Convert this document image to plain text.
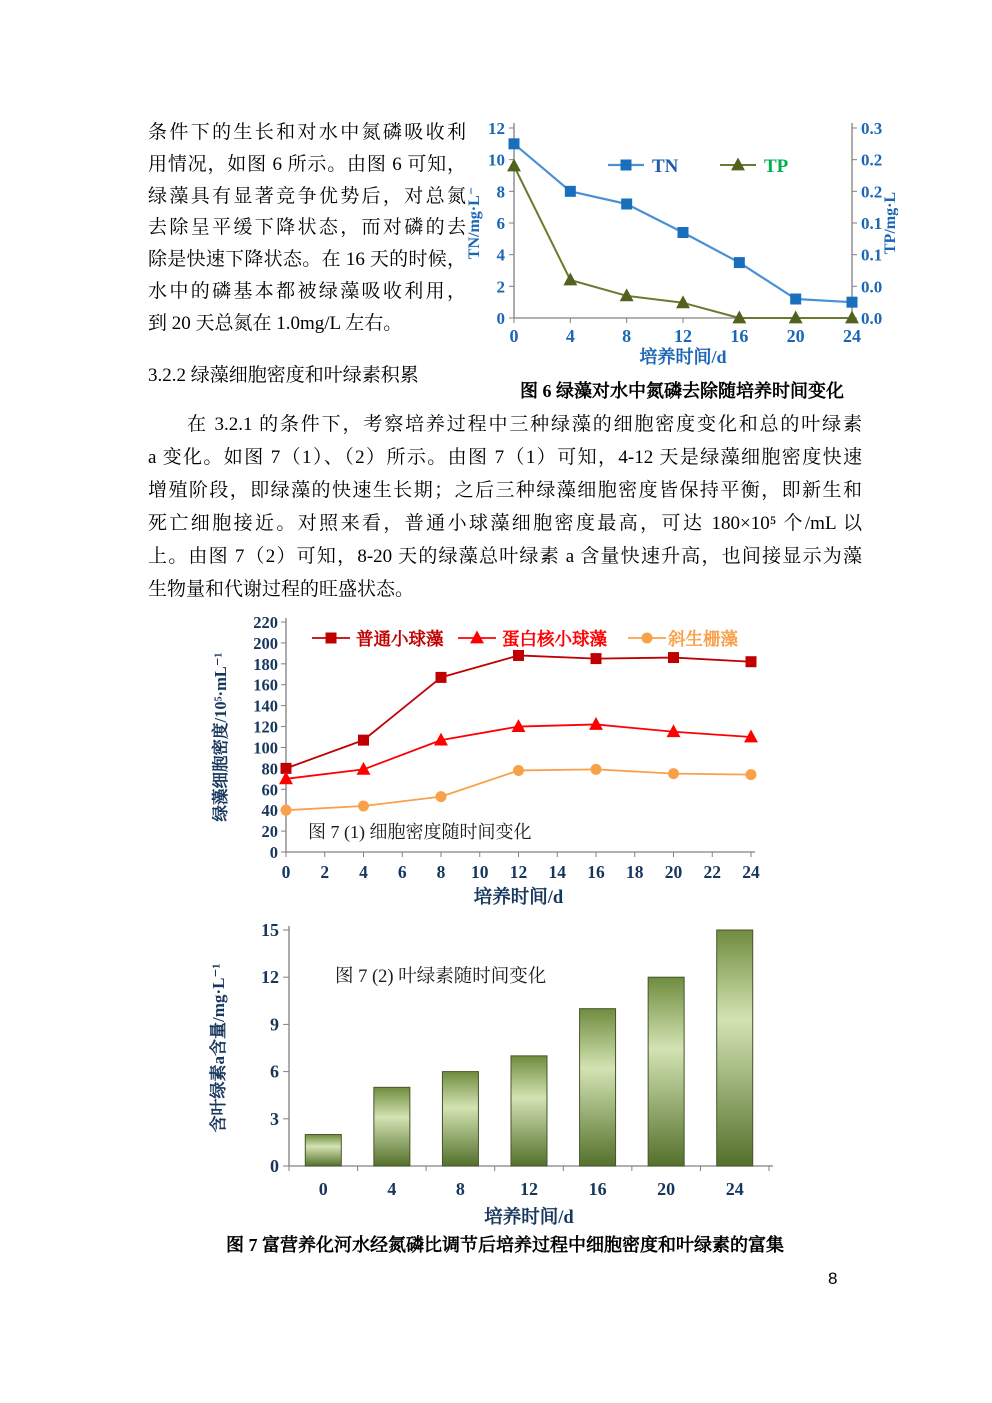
条件下的生长和对水中氮磷吸收利
用情况，如图 6 所示。由图 6 可知，
绿藻具有显著竞争优势后，对总氮
去除呈平缓下降状态，而对磷的去
除是快速下降状态。在 16 天的时候，
水中的磷基本都被绿藻吸收利用，
到 20 天总氮在 1.0mg/L 左右。
3.2.2 绿藻细胞密度和叶绿素积累
0
2
4
6
8
10
12	0.3
0.2
0.2
0.1
0.1
0.0
0.0
0	4	8 12 16 20 24
培养时间/d
TN/mg·L⁻	TP/mg·L
TN	TP
图 6 绿藻对水中氮磷去除随培养时间变化
在 3.2.1 的条件下，考察培养过程中三种绿藻的细胞密度变化和总的叶绿素
a 变化。如图 7（1）、（2）所示。由图 7（1）可知，4-12 天是绿藻细胞密度快速
增殖阶段，即绿藻的快速生长期；之后三种绿藻细胞密度皆保持平衡，即新生和
死亡细胞接近。对照来看，普通小球藻细胞密度最高，可达 180×10⁵ 个/mL 以
上。由图 7（2）可知，8-20 天的绿藻总叶绿素 a 含量快速升高，也间接显示为藻
生物量和代谢过程的旺盛状态。
0
20
40
60
80
100
120
140
160
180
200
220
0 2 4 6 8 10 12 14 16 18 20 22 24
培养时间/d
绿藻细胞密度/10⁵·mL⁻¹
普通小球藻	蛋白核小球藻	斜生栅藻
图 7 (1) 细胞密度随时间变化
0
3
6
9
12
15
0	4	8	12	16	20	24
培养时间/d
含叶绿素a含量/mg·L⁻¹	图 7 (2) 叶绿素随时间变化
图 7 富营养化河水经氮磷比调节后培养过程中细胞密度和叶绿素的富集
8
